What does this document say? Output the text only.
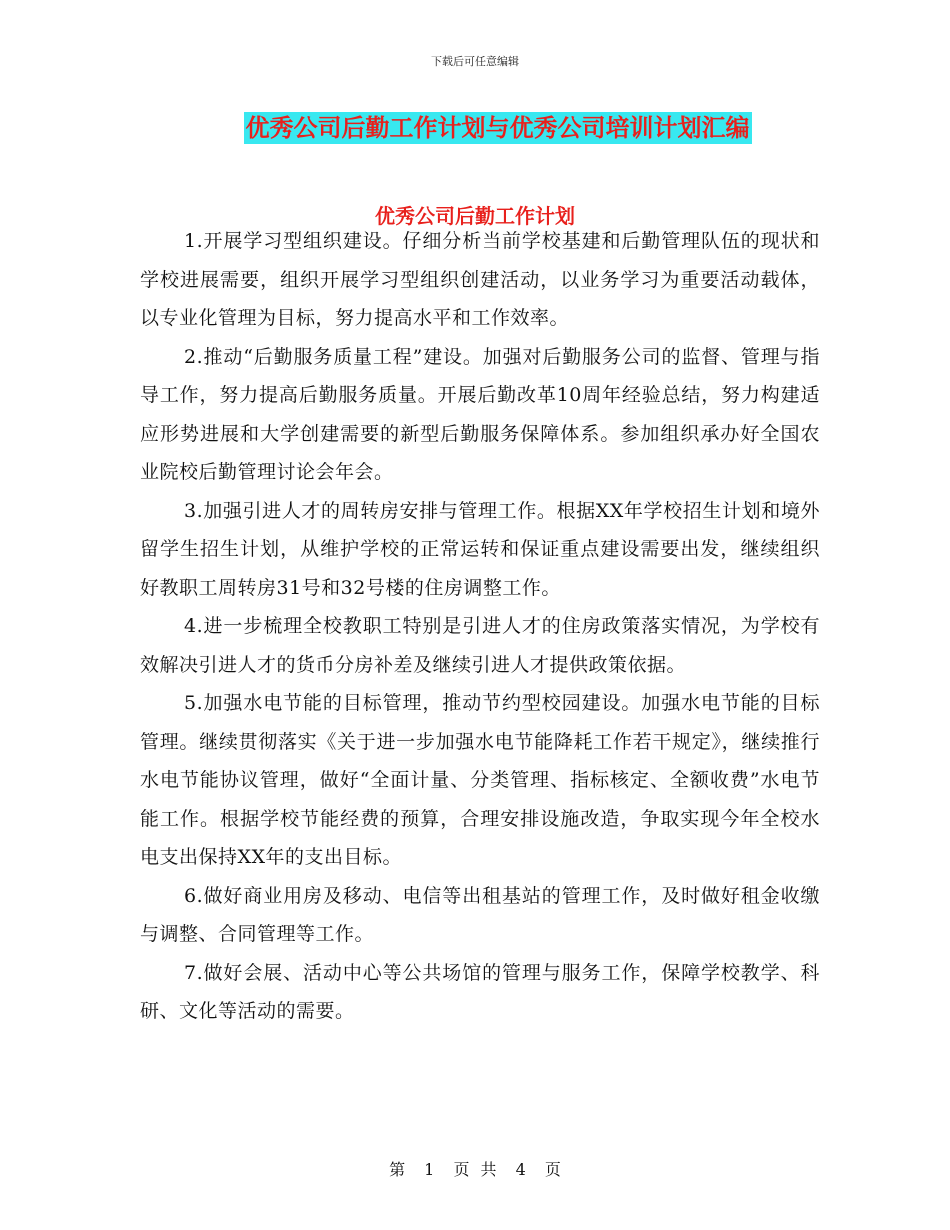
下载后可任意编辑
优秀公司后勤工作计划与优秀公司培训计划汇编
优秀公司后勤工作计划

1.开展学习型组织建设。仔细分析当前学校基建和后勤管理队伍的现状和学校进展需要，组织开展学习型组织创建活动，以业务学习为重要活动载体，以专业化管理为目标，努力提高水平和工作效率。

2.推动“后勤服务质量工程”建设。加强对后勤服务公司的监督、管理与指导工作，努力提高后勤服务质量。开展后勤改革10周年经验总结，努力构建适应形势进展和大学创建需要的新型后勤服务保障体系。参加组织承办好全国农业院校后勤管理讨论会年会。

3.加强引进人才的周转房安排与管理工作。根据XX年学校招生计划和境外留学生招生计划，从维护学校的正常运转和保证重点建设需要出发，继续组织好教职工周转房31号和32号楼的住房调整工作。

4.进一步梳理全校教职工特别是引进人才的住房政策落实情况，为学校有效解决引进人才的货币分房补差及继续引进人才提供政策依据。

5.加强水电节能的目标管理，推动节约型校园建设。加强水电节能的目标管理。继续贯彻落实《关于进一步加强水电节能降耗工作若干规定》，继续推行水电节能协议管理，做好“全面计量、分类管理、指标核定、全额收费”水电节能工作。根据学校节能经费的预算，合理安排设施改造，争取实现今年全校水电支出保持XX年的支出目标。

6.做好商业用房及移动、电信等出租基站的管理工作，及时做好租金收缴与调整、合同管理等工作。

7.做好会展、活动中心等公共场馆的管理与服务工作，保障学校教学、科研、文化等活动的需要。

第 1 页 共 4 页
